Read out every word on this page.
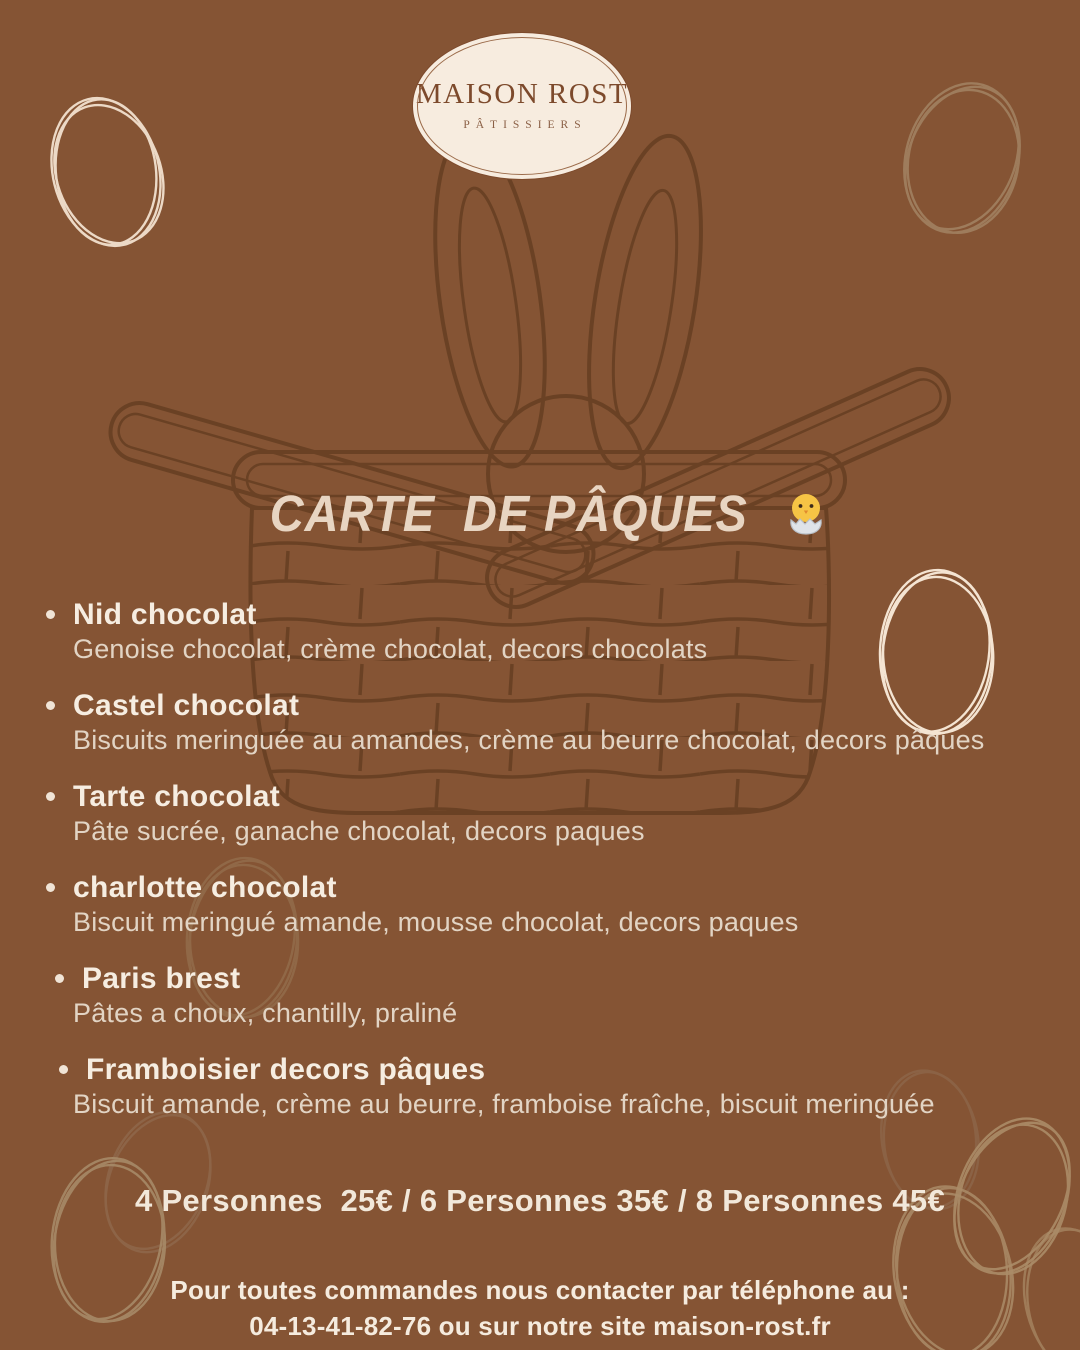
MAISON ROST
PÂTISSIERS
CARTE  DE PÂQUES
Nid chocolat
Genoise chocolat, crème chocolat, decors chocolats
Castel chocolat
Biscuits meringuée au amandes, crème au beurre chocolat, decors pâques
Tarte chocolat
Pâte sucrée, ganache chocolat, decors paques
charlotte chocolat
Biscuit meringué amande, mousse chocolat, decors paques
Paris brest
Pâtes a choux, chantilly, praliné
Framboisier decors pâques
Biscuit amande, crème au beurre, framboise fraîche, biscuit meringuée
4 Personnes  25€ / 6 Personnes 35€ / 8 Personnes 45€
Pour toutes commandes nous contacter par téléphone au :
04-13-41-82-76 ou sur notre site maison-rost.fr
